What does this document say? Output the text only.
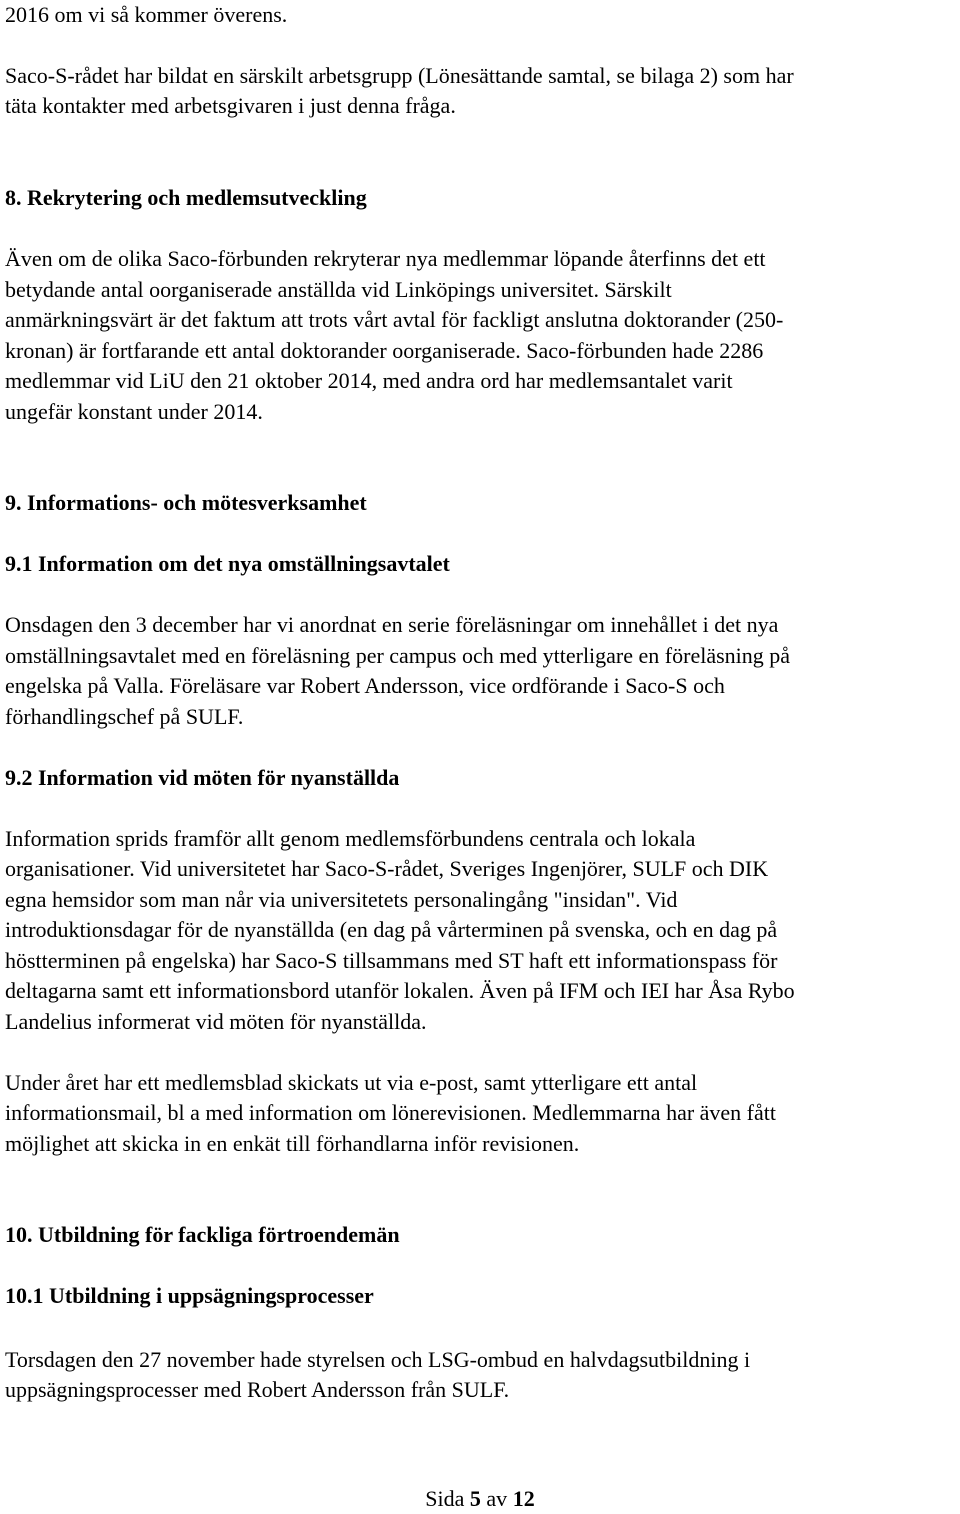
2016 om vi så kommer överens.

Saco-S-rådet har bildat en särskilt arbetsgrupp (Lönesättande samtal, se bilaga 2) som har

täta kontakter med arbetsgivaren i just denna fråga.

8. Rekrytering och medlemsutveckling

Även om de olika Saco-förbunden rekryterar nya medlemmar löpande återfinns det ett

betydande antal oorganiserade anställda vid Linköpings universitet. Särskilt

anmärkningsvärt är det faktum att trots vårt avtal för fackligt anslutna doktorander (250-

kronan) är fortfarande ett antal doktorander oorganiserade. Saco-förbunden hade 2286

medlemmar vid LiU den 21 oktober 2014, med andra ord har medlemsantalet varit

ungefär konstant under 2014.

9. Informations- och mötesverksamhet

9.1 Information om det nya omställningsavtalet

Onsdagen den 3 december har vi anordnat en serie föreläsningar om innehållet i det nya

omställningsavtalet med en föreläsning per campus och med ytterligare en föreläsning på

engelska på Valla. Föreläsare var Robert Andersson, vice ordförande i Saco-S och

förhandlingschef på SULF.

9.2 Information vid möten för nyanställda

Information sprids framför allt genom medlemsförbundens centrala och lokala

organisationer. Vid universitetet har Saco-S-rådet, Sveriges Ingenjörer, SULF och DIK

egna hemsidor som man når via universitetets personalingång "insidan". Vid

introduktionsdagar för de nyanställda (en dag på vårterminen på svenska, och en dag på

höstterminen på engelska) har Saco-S tillsammans med ST haft ett informationspass för

deltagarna samt ett informationsbord utanför lokalen. Även på IFM och IEI har Åsa Rybo

Landelius informerat vid möten för nyanställda.

Under året har ett medlemsblad skickats ut via e-post, samt ytterligare ett antal

informationsmail, bl a med information om lönerevisionen. Medlemmarna har även fått

möjlighet att skicka in en enkät till förhandlarna inför revisionen.

10. Utbildning för fackliga förtroendemän

10.1 Utbildning i uppsägningsprocesser

Torsdagen den 27 november hade styrelsen och LSG-ombud en halvdagsutbildning i

uppsägningsprocesser med Robert Andersson från SULF.

Sida 5 av 12
